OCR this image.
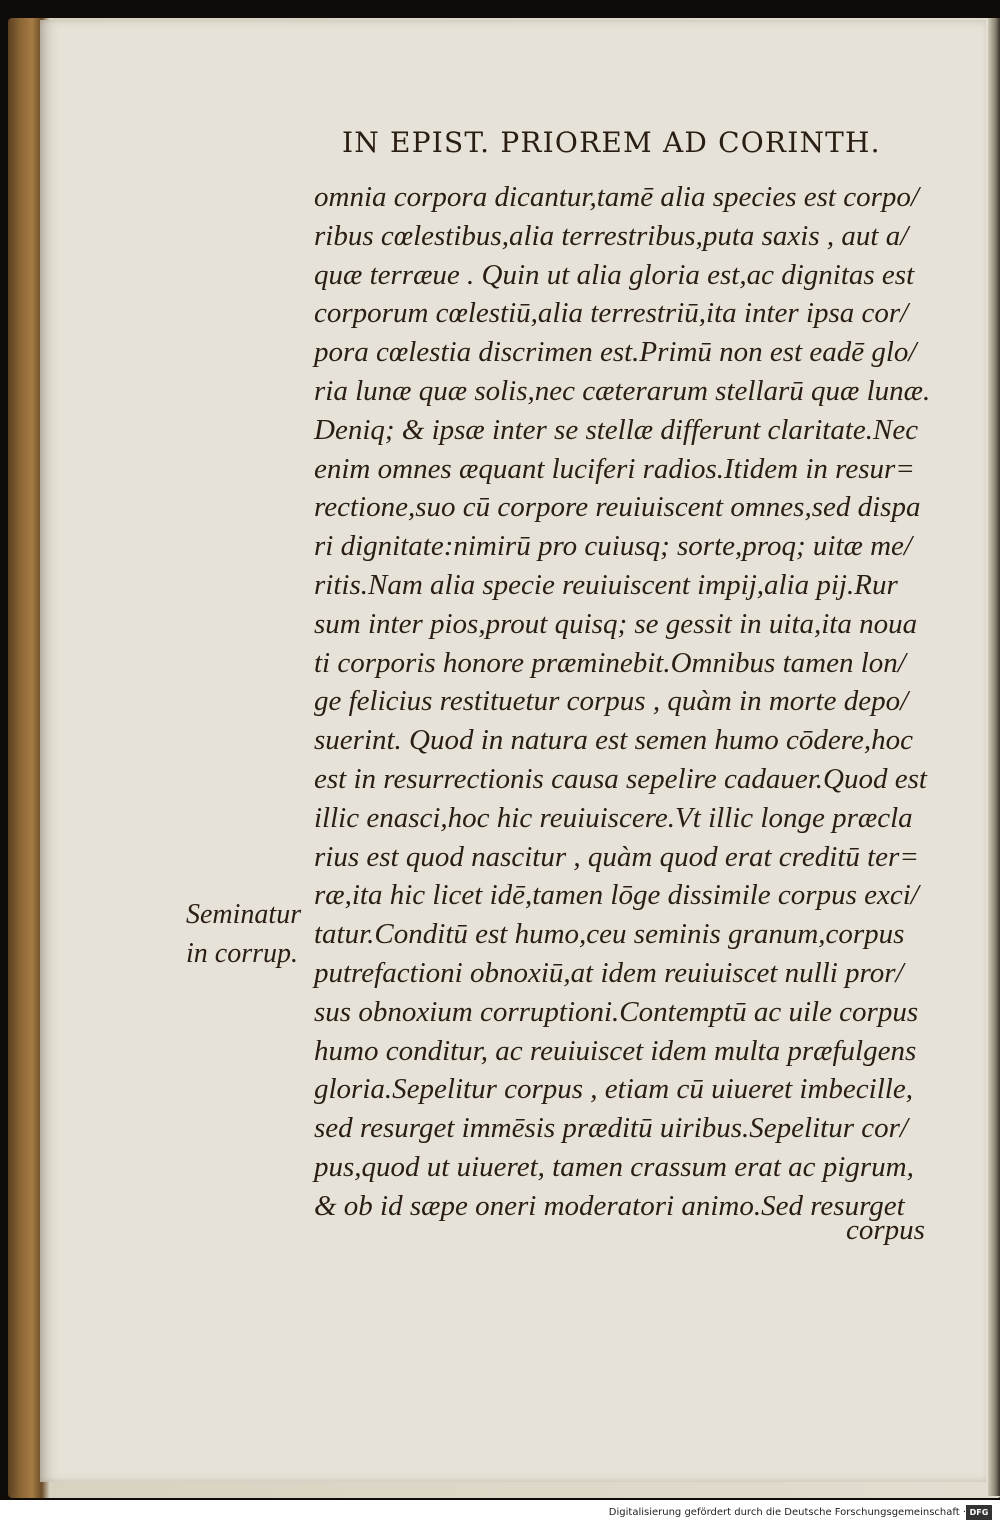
IN EPIST. PRIOREM AD CORINTH.
omnia corpora dicantur,tamē alia species est corpo/
ribus cœlestibus,alia terrestribus,puta saxis , aut a/
quæ terræue . Quin ut alia gloria est,ac dignitas est
corporum cœlestiū,alia terrestriū,ita inter ipsa cor/
pora cœlestia discrimen est.Primū non est eadē glo/
ria lunæ quæ solis,nec cæterarum stellarū quæ lunæ.
Deniq; & ipsæ inter se stellæ differunt claritate.Nec
enim omnes æquant luciferi radios.Itidem in resur=
rectione,suo cū corpore reuiuiscent omnes,sed dispa
ri dignitate:nimirū pro cuiusq; sorte,proq; uitæ me/
ritis.Nam alia specie reuiuiscent impij,alia pij.Rur
sum inter pios,prout quisq; se gessit in uita,ita noua
ti corporis honore præminebit.Omnibus tamen lon/
ge felicius restituetur corpus , quàm in morte depo/
suerint. Quod in natura est semen humo cōdere,hoc
est in resurrectionis causa sepelire cadauer.Quod est
illic enasci,hoc hic reuiuiscere.Vt illic longe præcla
rius est quod nascitur , quàm quod erat creditū ter=
ræ,ita hic licet idē,tamen lōge dissimile corpus exci/
tatur.Conditū est humo,ceu seminis granum,corpus
putrefactioni obnoxiū,at idem reuiuiscet nulli pror/
sus obnoxium corruptioni.Contemptū ac uile corpus
humo conditur, ac reuiuiscet idem multa præfulgens
gloria.Sepelitur corpus , etiam cū uiueret imbecille,
sed resurget immēsis præditū uiribus.Sepelitur cor/
pus,quod ut uiueret, tamen crassum erat ac pigrum,
& ob id sæpe oneri moderatori animo.Sed resurget
corpus
Seminatur
in corrup.
Digitalisierung gefördert durch die Deutsche Forschungsgemeinschaft · DFG
